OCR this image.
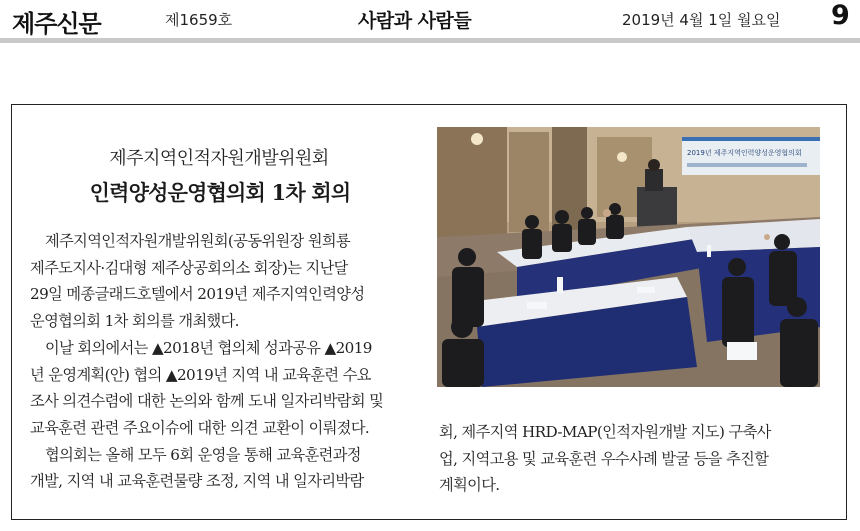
제주신문	제1659호	사람과 사람들	2019년 4월 1일 월요일 9
제주지역인적자원개발위원회
인력양성운영협의회 1차 회의
제주지역인적자원개발위원회(공동위원장 원희룡
제주도지사·김대형 제주상공회의소 회장)는 지난달
29일 메종글래드호텔에서 2019년 제주지역인력양성
운영협의회 1차 회의를 개최했다.
이날 회의에서는 ▲2018년 협의체 성과공유 ▲2019
년 운영계획(안) 협의 ▲2019년 지역 내 교육훈련 수요
조사 의견수렴에 대한 논의와 함께 도내 일자리박람회 및
교육훈련 관련 주요이슈에 대한 의견 교환이 이뤄졌다.
협의회는 올해 모두 6회 운영을 통해 교육훈련과정
개발, 지역 내 교육훈련물량 조정, 지역 내 일자리박람
회, 제주지역 HRD-MAP(인적자원개발 지도) 구축사
업, 지역고용 및 교육훈련 우수사례 발굴 등을 추진할
계획이다.
2019년 제주지역인력양성운영협의회
